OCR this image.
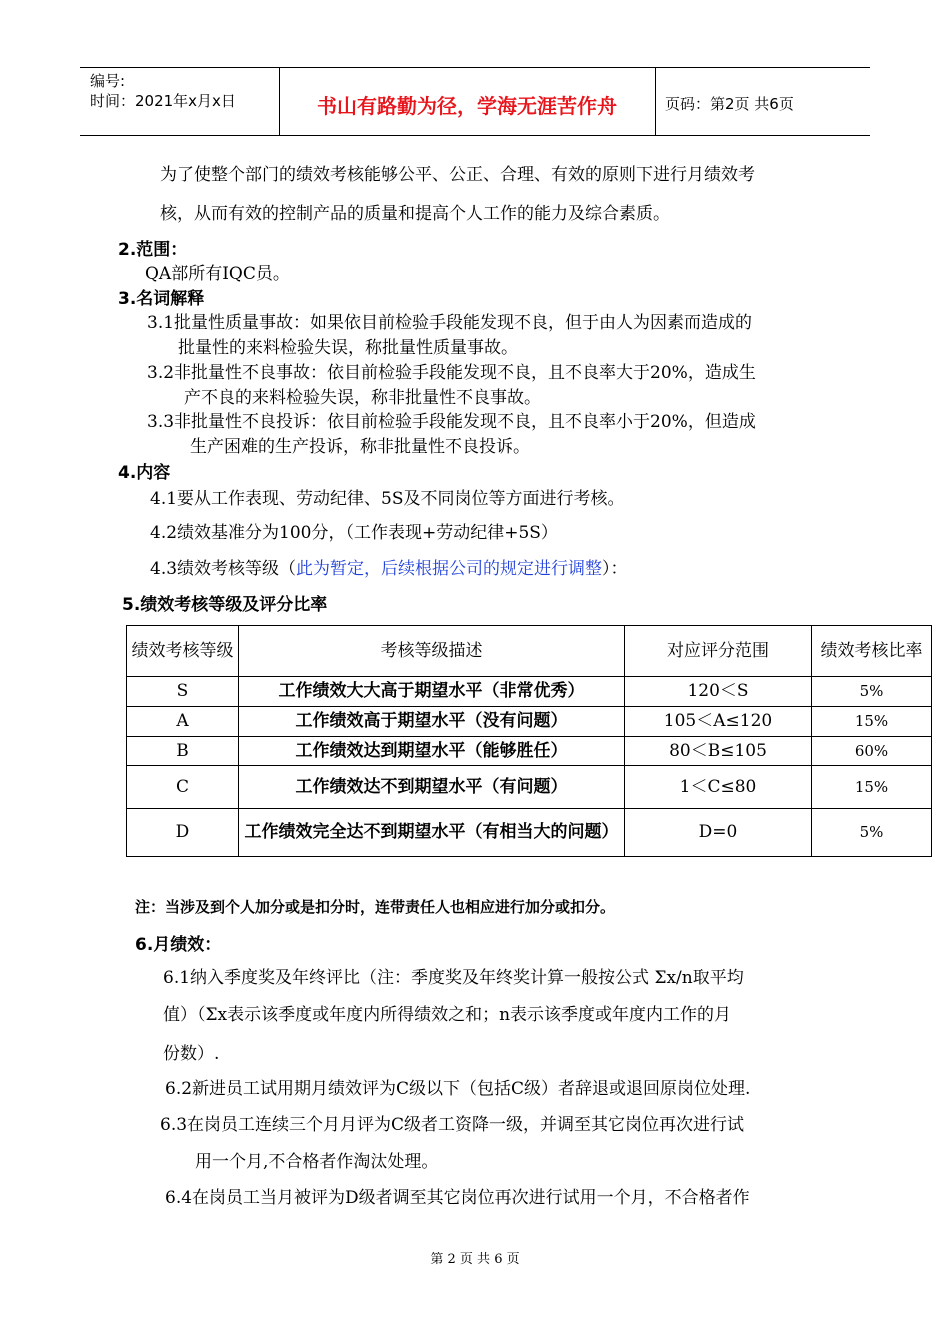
编号:
时间：2021年x月x日	书山有路勤为径，学海无涯苦作舟	页码：第2页 共6页
为了使整个部门的绩效考核能够公平、公正、合理、有效的原则下进行月绩效考
核，从而有效的控制产品的质量和提高个人工作的能力及综合素质。
2.范围：
QA部所有IQC员。
3.名词解释
3.1批量性质量事故：如果依目前检验手段能发现不良，但于由人为因素而造成的
批量性的来料检验失误，称批量性质量事故。
3.2非批量性不良事故：依目前检验手段能发现不良，且不良率大于20%，造成生
产不良的来料检验失误，称非批量性不良事故。
3.3非批量性不良投诉：依目前检验手段能发现不良，且不良率小于20%，但造成
生产困难的生产投诉，称非批量性不良投诉。
4.内容
4.1要从工作表现、劳动纪律、5S及不同岗位等方面进行考核。
4.2绩效基准分为100分，（工作表现+劳动纪律+5S）
4.3绩效考核等级（此为暂定，后续根据公司的规定进行调整）：
5.绩效考核等级及评分比率
绩效考核等级	考核等级描述	对应评分范围	绩效考核比率
S	工作绩效大大高于期望水平（非常优秀）	120＜S	5%
A	工作绩效高于期望水平（没有问题）	105＜A≤120	15%
B	工作绩效达到期望水平（能够胜任）	80＜B≤105	60%
C	工作绩效达不到期望水平（有问题）	1＜C≤80	15%
D	工作绩效完全达不到期望水平（有相当大的问题）	D=0	5%
注：当涉及到个人加分或是扣分时，连带责任人也相应进行加分或扣分。
6.月绩效：
6.1纳入季度奖及年终评比（注：季度奖及年终奖计算一般按公式 Σx/n取平均
值）（Σx表示该季度或年度内所得绩效之和；n表示该季度或年度内工作的月
份数）.
6.2新进员工试用期月绩效评为C级以下（包括C级）者辞退或退回原岗位处理.
6.3在岗员工连续三个月月评为C级者工资降一级，并调至其它岗位再次进行试
用一个月,不合格者作淘汰处理。
6.4在岗员工当月被评为D级者调至其它岗位再次进行试用一个月，不合格者作
第 2 页 共 6 页
